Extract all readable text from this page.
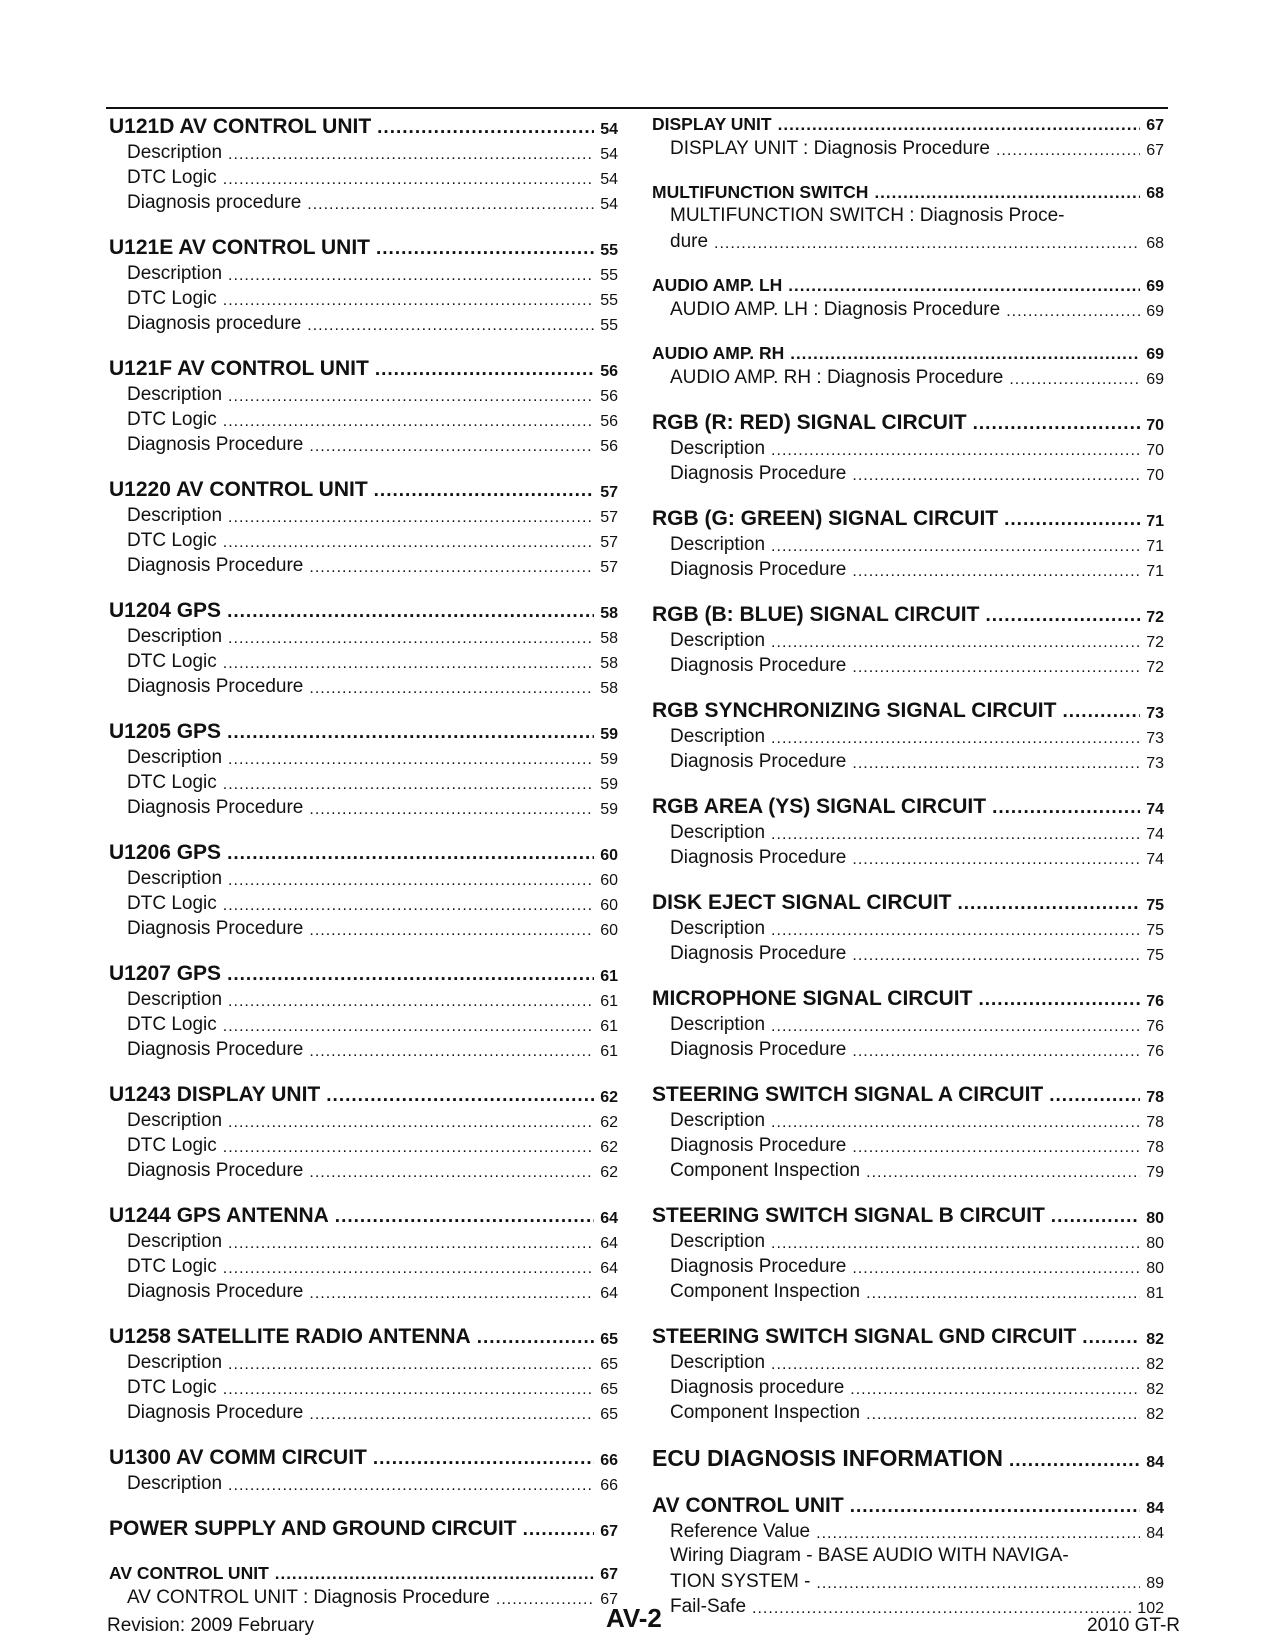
U121D AV CONTROL UNIT .....	54
Description .....	54
DTC Logic .....	54
Diagnosis procedure .....	54
U121E AV CONTROL UNIT .....	55
Description .....	55
DTC Logic .....	55
Diagnosis procedure .....	55
U121F AV CONTROL UNIT .....	56
Description .....	56
DTC Logic .....	56
Diagnosis Procedure .....	56
U1220 AV CONTROL UNIT .....	57
Description .....	57
DTC Logic .....	57
Diagnosis Procedure .....	57
U1204 GPS .....	58
Description .....	58
DTC Logic .....	58
Diagnosis Procedure .....	58
U1205 GPS .....	59
Description .....	59
DTC Logic .....	59
Diagnosis Procedure .....	59
U1206 GPS .....	60
Description .....	60
DTC Logic .....	60
Diagnosis Procedure .....	60
U1207 GPS .....	61
Description .....	61
DTC Logic .....	61
Diagnosis Procedure .....	61
U1243 DISPLAY UNIT .....	62
Description .....	62
DTC Logic .....	62
Diagnosis Procedure .....	62
U1244 GPS ANTENNA .....	64
Description .....	64
DTC Logic .....	64
Diagnosis Procedure .....	64
U1258 SATELLITE RADIO ANTENNA .....	65
Description .....	65
DTC Logic .....	65
Diagnosis Procedure .....	65
U1300 AV COMM CIRCUIT .....	66
Description .....	66
POWER SUPPLY AND GROUND CIRCUIT .....	67
AV CONTROL UNIT .....	67
AV CONTROL UNIT : Diagnosis Procedure .....	67
DISPLAY UNIT .....	67
DISPLAY UNIT : Diagnosis Procedure .....	67
MULTIFUNCTION SWITCH .....	68
MULTIFUNCTION SWITCH : Diagnosis Proce-
dure .....	68
AUDIO AMP. LH .....	69
AUDIO AMP. LH : Diagnosis Procedure .....	69
AUDIO AMP. RH .....	69
AUDIO AMP. RH : Diagnosis Procedure .....	69
RGB (R: RED) SIGNAL CIRCUIT .....	70
Description .....	70
Diagnosis Procedure .....	70
RGB (G: GREEN) SIGNAL CIRCUIT .....	71
Description .....	71
Diagnosis Procedure .....	71
RGB (B: BLUE) SIGNAL CIRCUIT .....	72
Description .....	72
Diagnosis Procedure .....	72
RGB SYNCHRONIZING SIGNAL CIRCUIT .....	73
Description .....	73
Diagnosis Procedure .....	73
RGB AREA (YS) SIGNAL CIRCUIT .....	74
Description .....	74
Diagnosis Procedure .....	74
DISK EJECT SIGNAL CIRCUIT .....	75
Description .....	75
Diagnosis Procedure .....	75
MICROPHONE SIGNAL CIRCUIT .....	76
Description .....	76
Diagnosis Procedure .....	76
STEERING SWITCH SIGNAL A CIRCUIT .....	78
Description .....	78
Diagnosis Procedure .....	78
Component Inspection .....	79
STEERING SWITCH SIGNAL B CIRCUIT .....	80
Description .....	80
Diagnosis Procedure .....	80
Component Inspection .....	81
STEERING SWITCH SIGNAL GND CIRCUIT .....	82
Description .....	82
Diagnosis procedure .....	82
Component Inspection .....	82
ECU DIAGNOSIS INFORMATION .....	84
AV CONTROL UNIT .....	84
Reference Value .....	84
Wiring Diagram - BASE AUDIO WITH NAVIGA-
TION SYSTEM - .....	89
Fail-Safe .....	102
Revision: 2009 February	AV-2	2010 GT-R
